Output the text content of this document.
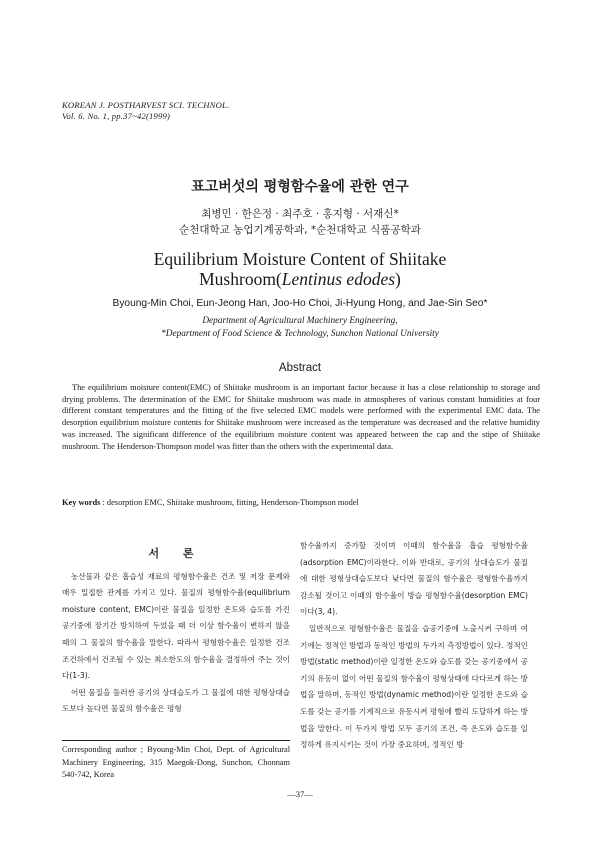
KOREAN J. POSTHARVEST SCI. TECHNOL.
Vol. 6. No. 1, pp.37~42(1999)
표고버섯의 평형함수율에 관한 연구
최병민 · 한은정 · 최주호 · 홍지형 · 서재신*
순천대학교 농업기계공학과, *순천대학교 식품공학과
Equilibrium Moisture Content of Shiitake
Mushroom(Lentinus edodes)
Byoung-Min Choi, Eun-Jeong Han, Joo-Ho Choi, Ji-Hyung Hong, and Jae-Sin Seo*
Department of Agricultural Machinery Engineering,
*Department of Food Science & Technology, Sunchon National University
Abstract
The equilibrium moisture content(EMC) of Shiitake mushroom is an important factor because it has a close relationship to storage and drying problems. The determination of the EMC for Shiitake mushroom was made in atmospheres of various constant humidities at four different constant temperatures and the fitting of the five selected EMC models were performed with the experimental EMC data. The desorption equilibrium moisture contents for Shiitake mushroom were increased as the temperature was decreased and the relative humidity was increased. The significant difference of the equilibrium moisture content was appeared between the cap and the stipe of Shiitake mushroom. The Henderson-Thompson model was fitter than the others with the experimental data.
Key words : desorption EMC, Shiitake mushroom, fitting, Henderson-Thompson model
서 론

농산물과 같은 흡습성 재료의 평형함수율은 건조 및 저장 문제와 매우 밀접한 관계를 가지고 있다. 물질의 평형함수율(equilibrium moisture content, EMC)이란 물질을 일정한 온도와 습도를 가진 공기중에 장기간 방치하여 두었을 때 더 이상 함수율이 변하지 않을 때의 그 물질의 함수율을 말한다. 따라서 평형함수율은 일정한 건조 조건하에서 건조될 수 있는 최소한도의 함수율을 결정하여 주는 것이다(1-3).

어떤 물질을 둘러싼 공기의 상대습도가 그 물질에 대한 평형상대습도보다 높다면 물질의 함수율은 평형

함수율까지 증가할 것이며 이때의 함수율을 흡습 평형함수율(adsorption EMC)이라한다. 이와 반대로, 공기의 상대습도가 물질에 대한 평형상대습도보다 낮다면 물질의 함수율은 평형함수율까지 감소될 것이고 이때의 함수율이 방습 평형함수율(desorption EMC)이다(3, 4).

일반적으로 평형함수율은 물질을 습공기중에 노출시켜 구하며 여기에는 정적인 방법과 동적인 방법의 두가지 측정방법이 있다. 정적인 방법(static method)이란 일정한 온도와 습도를 갖는 공기중에서 공기의 유동이 없이 어떤 물질의 함수율이 평형상태에 다다르게 하는 방법을 말하며, 동적인 방법(dynamic method)이란 일정한 온도와 습도를 갖는 공기를 기계적으로 유동시켜 평형에 빨리 도달하게 하는 방법을 말한다. 이 두가지 방법 모두 공기의 조건, 즉 온도와 습도를 일정하게 유지시키는 것이 가장 중요하며, 정적인 방

Corresponding author ; Byoung-Min Choi, Dept. of Agricultural Machinery Engineering, 315 Maegok-Dong, Sunchon, Chonnam 540-742, Korea
—37—
